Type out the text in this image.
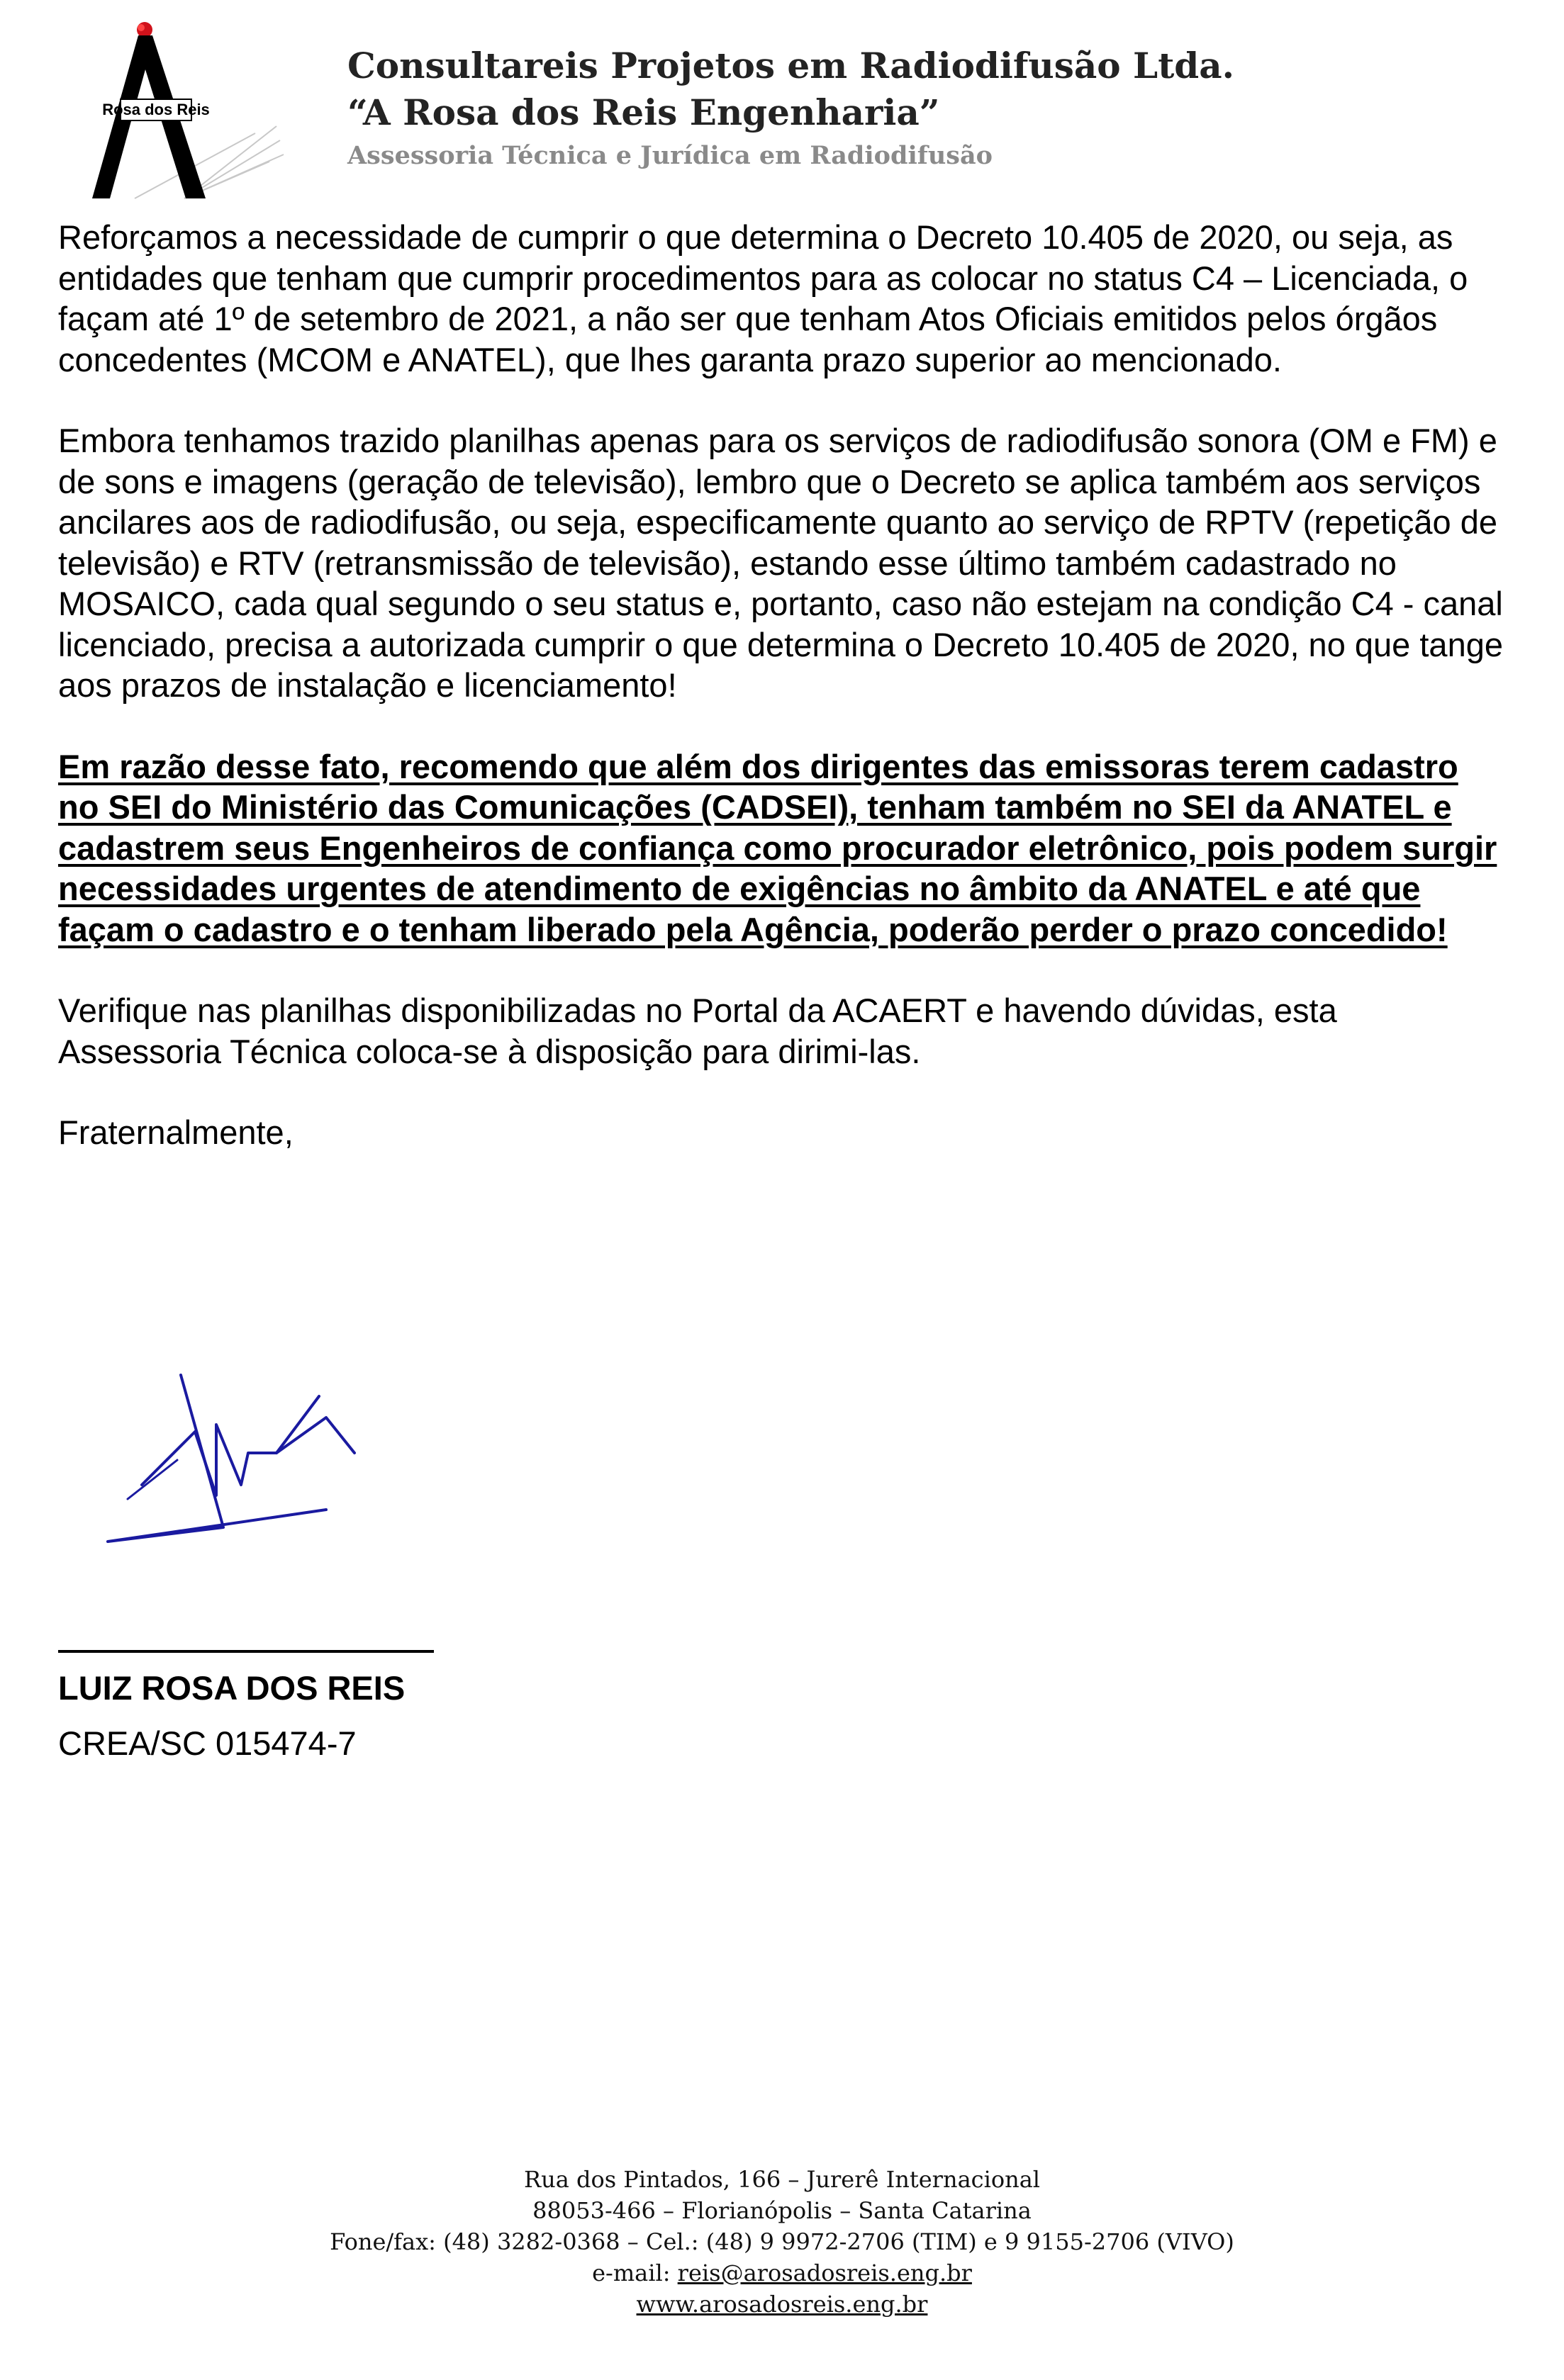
Rosa dos Reis
Consultareis Projetos em Radiodifusão Ltda.
“A Rosa dos Reis Engenharia”
Assessoria Técnica e Jurídica em Radiodifusão

Reforçamos a necessidade de cumprir o que determina o Decreto 10.405 de 2020, ou seja, as entidades que tenham que cumprir procedimentos para as colocar no status C4 – Licenciada, o façam até 1º de setembro de 2021, a não ser que tenham Atos Oficiais emitidos pelos órgãos concedentes (MCOM e ANATEL), que lhes garanta prazo superior ao mencionado.

Embora tenhamos trazido planilhas apenas para os serviços de radiodifusão sonora (OM e FM) e de sons e imagens (geração de televisão), lembro que o Decreto se aplica também aos serviços ancilares aos de radiodifusão, ou seja, especificamente quanto ao serviço de RPTV (repetição de televisão) e RTV (retransmissão de televisão), estando esse último também cadastrado no MOSAICO, cada qual segundo o seu status e, portanto, caso não estejam na condição C4 - canal licenciado, precisa a autorizada cumprir o que determina o Decreto 10.405 de 2020, no que tange aos prazos de instalação e licenciamento!

Em razão desse fato, recomendo que além dos dirigentes das emissoras terem cadastro no SEI do Ministério das Comunicações (CADSEI), tenham também no SEI da ANATEL e cadastrem seus Engenheiros de confiança como procurador eletrônico, pois podem surgir necessidades urgentes de atendimento de exigências no âmbito da ANATEL e até que façam o cadastro e o tenham liberado pela Agência, poderão perder o prazo concedido!

Verifique nas planilhas disponibilizadas no Portal da ACAERT e havendo dúvidas, esta Assessoria Técnica coloca-se à disposição para dirimi-las.

Fraternalmente,

LUIZ ROSA DOS REIS
CREA/SC 015474-7
Rua dos Pintados, 166 – Jurerê Internacional
88053-466 – Florianópolis – Santa Catarina
Fone/fax: (48) 3282-0368 – Cel.: (48) 9 9972-2706 (TIM) e 9 9155-2706 (VIVO)
e-mail: reis@arosadosreis.eng.br
www.arosadosreis.eng.br
